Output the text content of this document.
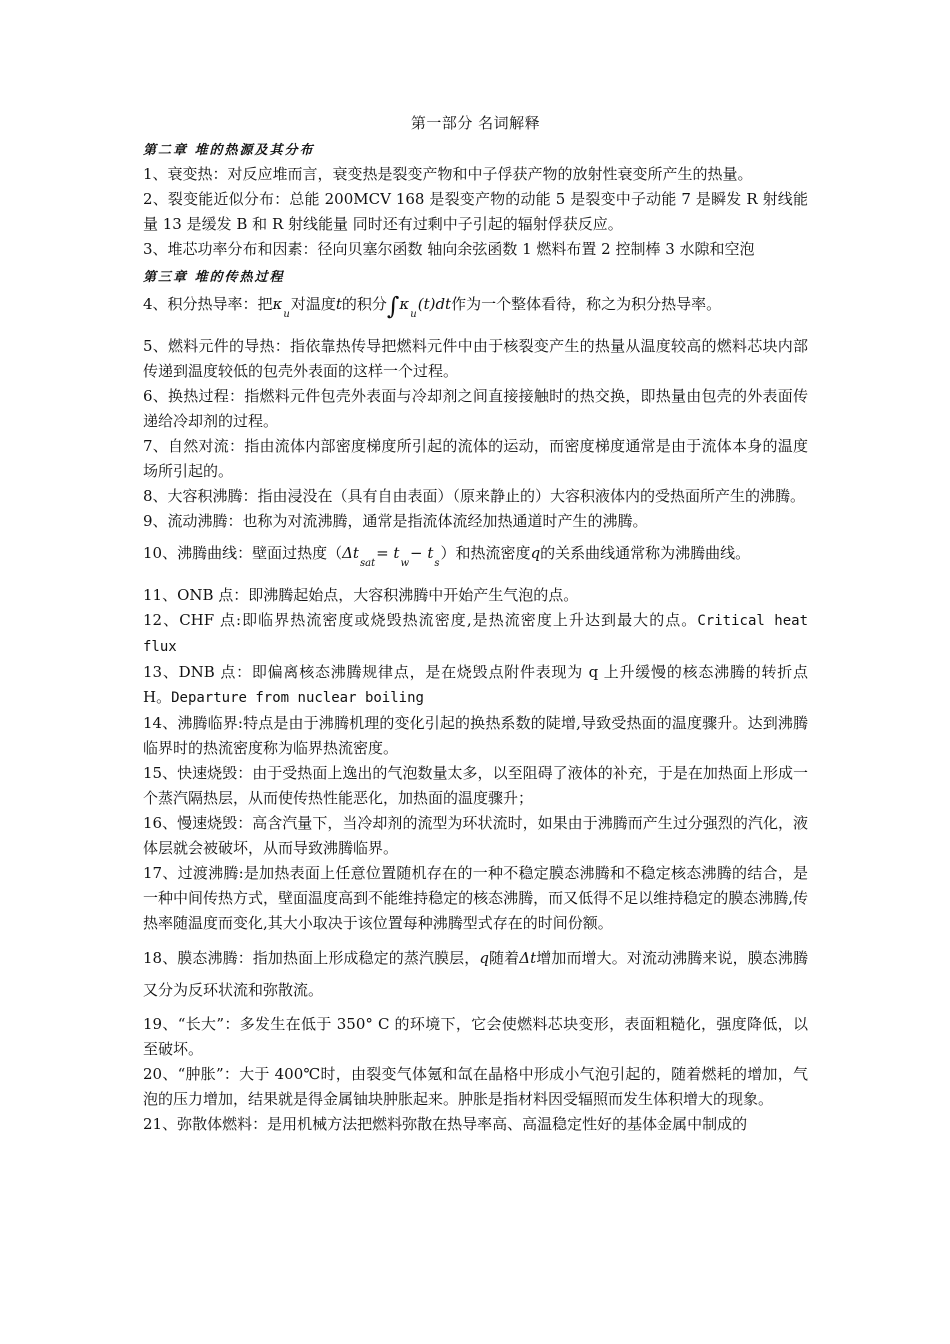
第一部分 名词解释
第二章 堆的热源及其分布

1、衰变热：对反应堆而言，衰变热是裂变产物和中子俘获产物的放射性衰变所产生的热量。

2、裂变能近似分布：总能 200MCV 168 是裂变产物的动能 5 是裂变中子动能 7 是瞬发 R 射线能量 13 是缓发 B 和 R 射线能量 同时还有过剩中子引起的辐射俘获反应。

3、堆芯功率分布和因素：径向贝塞尔函数 轴向余弦函数 1 燃料布置 2 控制棒 3 水隙和空泡

第三章 堆的传热过程

4、积分热导率：把$\kappa_u$对温度t的积分$\int\kappa_u(t)dt$作为一个整体看待，称之为积分热导率。

5、燃料元件的导热：指依靠热传导把燃料元件中由于核裂变产生的热量从温度较高的燃料芯块内部传递到温度较低的包壳外表面的这样一个过程。

6、换热过程：指燃料元件包壳外表面与冷却剂之间直接接触时的热交换，即热量由包壳的外表面传递给冷却剂的过程。

7、自然对流：指由流体内部密度梯度所引起的流体的运动，而密度梯度通常是由于流体本身的温度场所引起的。

8、大容积沸腾：指由浸没在（具有自由表面）（原来静止的）大容积液体内的受热面所产生的沸腾。

9、流动沸腾：也称为对流沸腾，通常是指流体流经加热通道时产生的沸腾。

10、沸腾曲线：壁面过热度$(\Delta t_{sat}= t_w- t_s)$和热流密度q的关系曲线通常称为沸腾曲线。

11、ONB 点：即沸腾起始点，大容积沸腾中开始产生气泡的点。

12、CHF 点:即临界热流密度或烧毁热流密度,是热流密度上升达到最大的点。Critical heat flux

13、DNB 点：即偏离核态沸腾规律点，是在烧毁点附件表现为 q 上升缓慢的核态沸腾的转折点 H。Departure from nuclear boiling

14、沸腾临界:特点是由于沸腾机理的变化引起的换热系数的陡增,导致受热面的温度骤升。达到沸腾临界时的热流密度称为临界热流密度。

15、快速烧毁：由于受热面上逸出的气泡数量太多，以至阻碍了液体的补充，于是在加热面上形成一个蒸汽隔热层，从而使传热性能恶化，加热面的温度骤升；

16、慢速烧毁：高含汽量下，当冷却剂的流型为环状流时，如果由于沸腾而产生过分强烈的汽化，液体层就会被破坏，从而导致沸腾临界。

17、过渡沸腾:是加热表面上任意位置随机存在的一种不稳定膜态沸腾和不稳定核态沸腾的结合，是一种中间传热方式，壁面温度高到不能维持稳定的核态沸腾，而又低得不足以维持稳定的膜态沸腾,传热率随温度而变化,其大小取决于该位置每种沸腾型式存在的时间份额。

18、膜态沸腾：指加热面上形成稳定的蒸汽膜层，q随着Δt增加而增大。对流动沸腾来说，膜态沸腾又分为反环状流和弥散流。

19、“长大”：多发生在低于 350° C 的环境下，它会使燃料芯块变形，表面粗糙化，强度降低，以至破坏。

20、“肿胀”：大于 400℃时，由裂变气体氪和氙在晶格中形成小气泡引起的，随着燃耗的增加，气泡的压力增加，结果就是得金属铀块肿胀起来。肿胀是指材料因受辐照而发生体积增大的现象。

21、弥散体燃料：是用机械方法把燃料弥散在热导率高、高温稳定性好的基体金属中制成的
